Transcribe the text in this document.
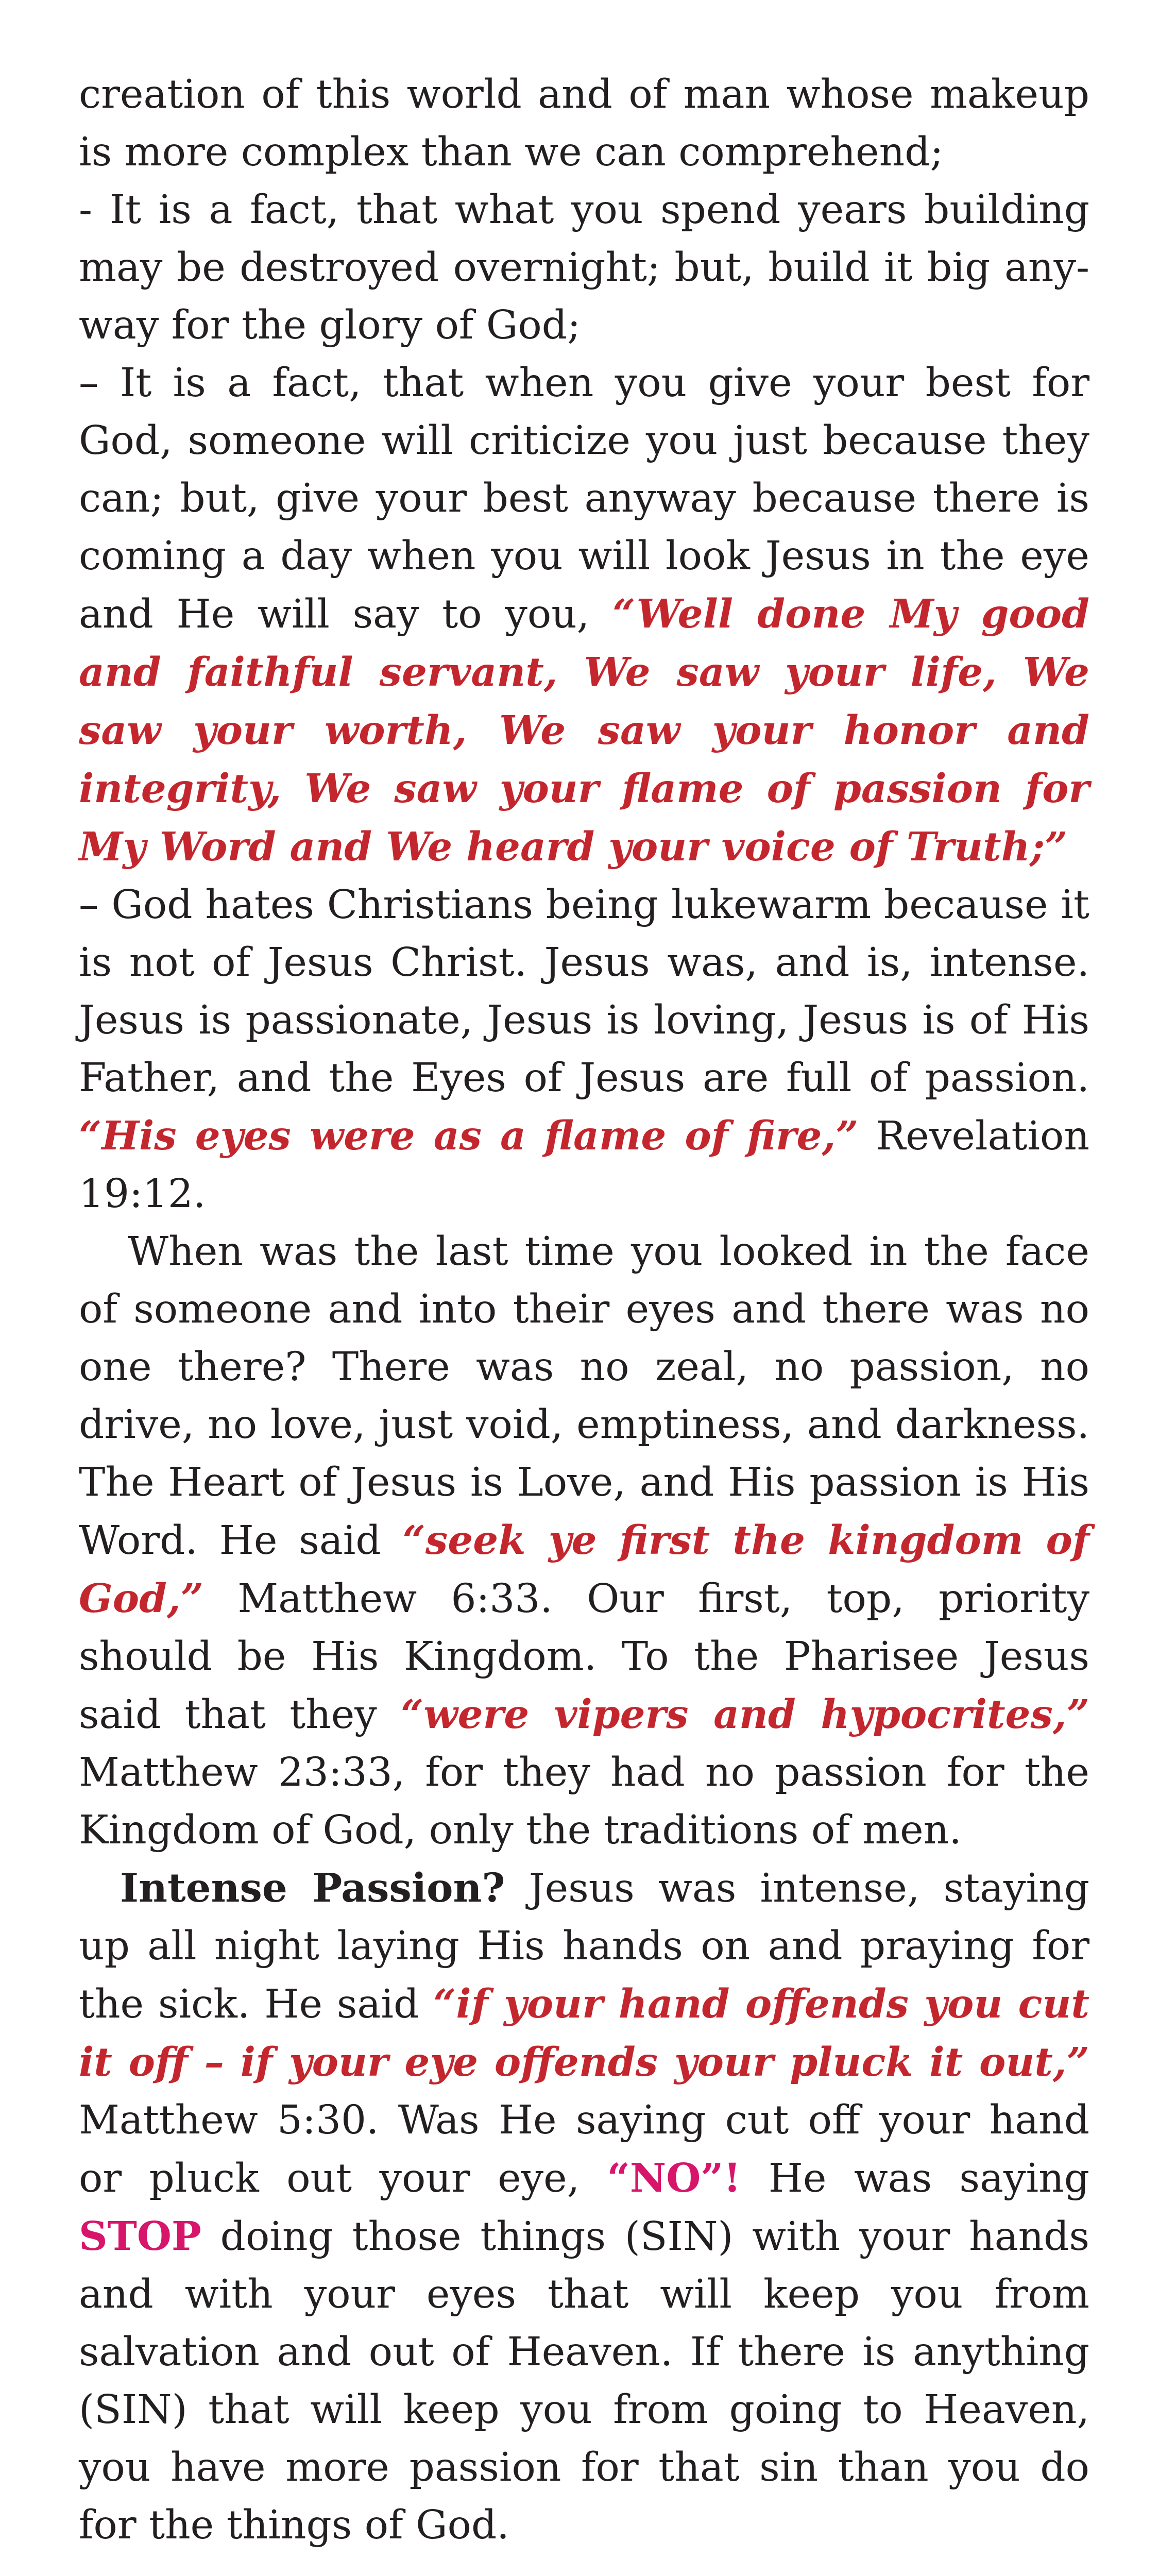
creation of this world and of man whose makeup is more complex than we can comprehend;

- It is a fact, that what you spend years building may be destroyed overnight; but, build it big anyway for the glory of God;

– It is a fact, that when you give your best for God, someone will criticize you just because they can; but, give your best anyway because there is coming a day when you will look Jesus in the eye and He will say to you, “Well done My good and faithful servant, We saw your life, We saw your worth, We saw your honor and integrity, We saw your flame of passion for My Word and We heard your voice of Truth;”

– God hates Christians being lukewarm because it is not of Jesus Christ. Jesus was, and is, intense. Jesus is passionate, Jesus is loving, Jesus is of His Father, and the Eyes of Jesus are full of passion. “His eyes were as a flame of fire,” Revelation 19:12.

When was the last time you looked in the face of someone and into their eyes and there was no one there? There was no zeal, no passion, no drive, no love, just void, emptiness, and darkness. The Heart of Jesus is Love, and His passion is His Word. He said “seek ye first the kingdom of God,” Matthew 6:33. Our first, top, priority should be His Kingdom. To the Pharisee Jesus said that they “were vipers and hypocrites,” Matthew 23:33, for they had no passion for the Kingdom of God, only the traditions of men.

Intense Passion? Jesus was intense, staying up all night laying His hands on and praying for the sick. He said “if your hand offends you cut it off – if your eye offends your pluck it out,” Matthew 5:30. Was He saying cut off your hand or pluck out your eye, “NO”! He was saying STOP doing those things (SIN) with your hands and with your eyes that will keep you from salvation and out of Heaven. If there is anything (SIN) that will keep you from going to Heaven, you have more passion for that sin than you do for the things of God.
